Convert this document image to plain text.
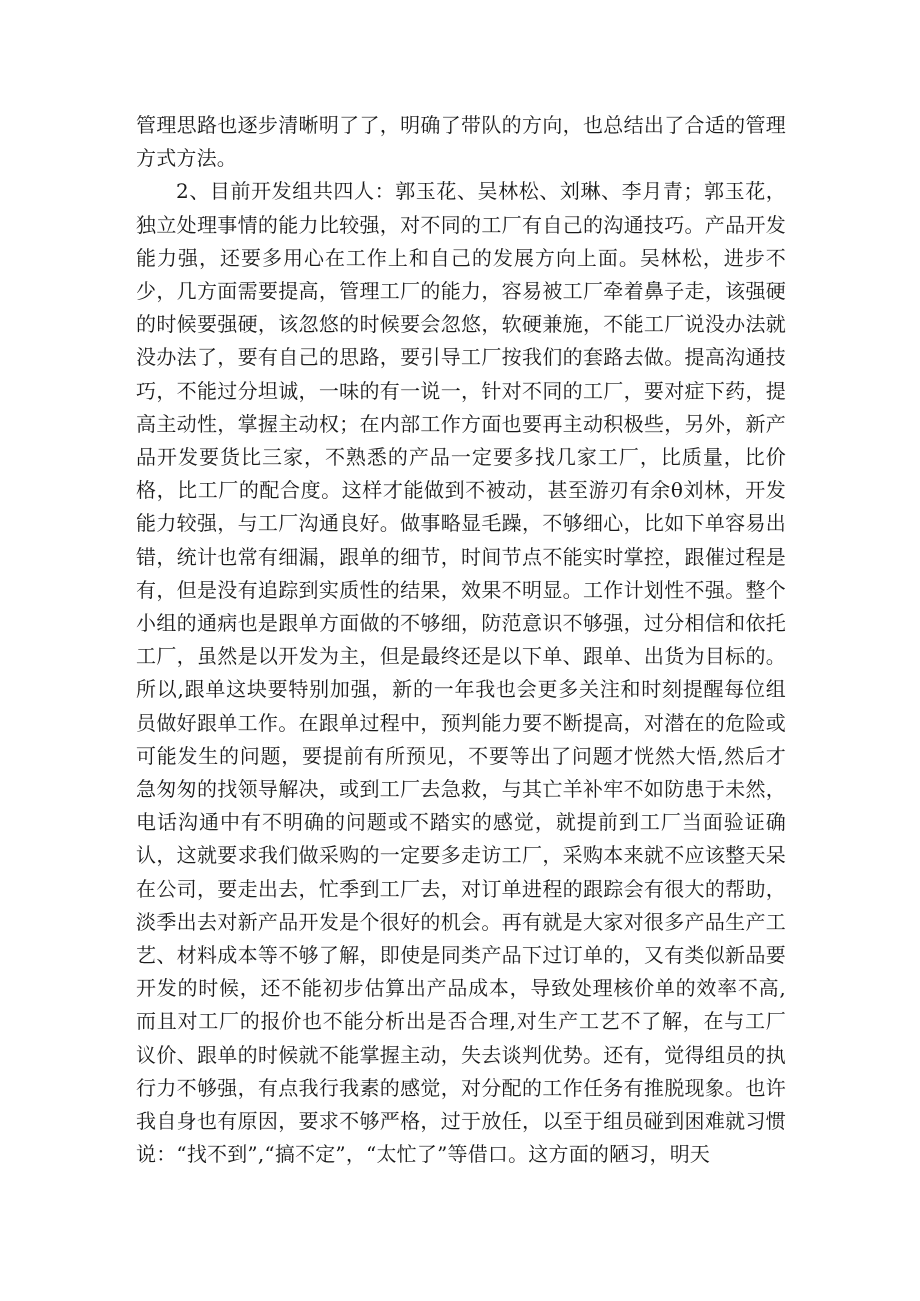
管理思路也逐步清晰明了了，明确了带队的方向，也总结出了合适的管理方式方法。

2、目前开发组共四人：郭玉花、吴林松、刘琳、李月青；郭玉花，独立处理事情的能力比较强，对不同的工厂有自己的沟通技巧。产品开发能力强，还要多用心在工作上和自己的发展方向上面。吴林松，进步不少，几方面需要提高，管理工厂的能力，容易被工厂牵着鼻子走，该强硬的时候要强硬，该忽悠的时候要会忽悠，软硬兼施，不能工厂说没办法就没办法了，要有自己的思路，要引导工厂按我们的套路去做。提高沟通技巧，不能过分坦诚，一味的有一说一，针对不同的工厂，要对症下药，提高主动性，掌握主动权；在内部工作方面也要再主动积极些，另外，新产品开发要货比三家，不熟悉的产品一定要多找几家工厂，比质量，比价格，比工厂的配合度。这样才能做到不被动，甚至游刃有余θ刘林，开发能力较强，与工厂沟通良好。做事略显毛躁，不够细心，比如下单容易出错，统计也常有细漏，跟单的细节，时间节点不能实时掌控，跟催过程是有，但是没有追踪到实质性的结果，效果不明显。工作计划性不强。整个小组的通病也是跟单方面做的不够细，防范意识不够强，过分相信和依托工厂，虽然是以开发为主，但是最终还是以下单、跟单、出货为目标的。所以,跟单这块要特别加强，新的一年我也会更多关注和时刻提醒每位组员做好跟单工作。在跟单过程中，预判能力要不断提高，对潜在的危险或可能发生的问题，要提前有所预见，不要等出了问题才恍然大悟,然后才急匆匆的找领导解决，或到工厂去急救，与其亡羊补牢不如防患于未然，电话沟通中有不明确的问题或不踏实的感觉，就提前到工厂当面验证确认，这就要求我们做采购的一定要多走访工厂，采购本来就不应该整天呆在公司，要走出去，忙季到工厂去，对订单进程的跟踪会有很大的帮助，淡季出去对新产品开发是个很好的机会。再有就是大家对很多产品生产工艺、材料成本等不够了解，即使是同类产品下过订单的，又有类似新品要开发的时候，还不能初步估算出产品成本，导致处理核价单的效率不高,而且对工厂的报价也不能分析出是否合理,对生产工艺不了解，在与工厂议价、跟单的时候就不能掌握主动，失去谈判优势。还有，觉得组员的执行力不够强，有点我行我素的感觉，对分配的工作任务有推脱现象。也许我自身也有原因，要求不够严格，过于放任，以至于组员碰到困难就习惯说：“找不到”,“搞不定”，“太忙了”等借口。这方面的陋习，明天
